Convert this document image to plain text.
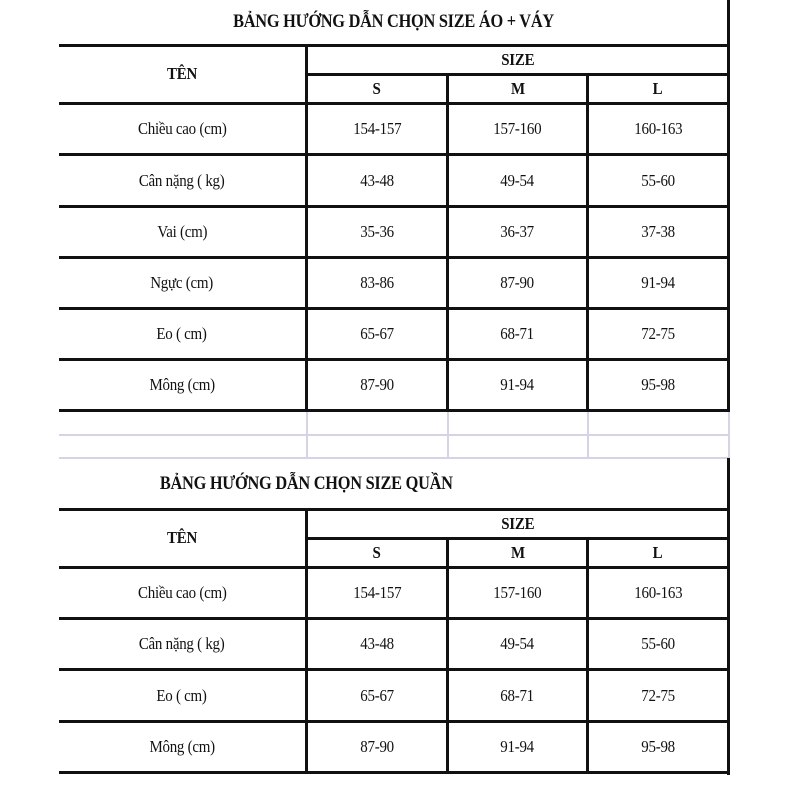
BẢNG HƯỚNG DẪN CHỌN SIZE ÁO + VÁY
TÊN
SIZE
S	M	L
Chiều cao (cm)	154-157	157-160	160-163
Cân nặng ( kg)	43-48	49-54	55-60
Vai (cm)	35-36	36-37	37-38
Ngực (cm)	83-86	87-90	91-94
Eo ( cm)	65-67	68-71	72-75
Mông (cm)	87-90	91-94	95-98
BẢNG HƯỚNG DẪN CHỌN SIZE QUẦN
TÊN
SIZE
S	M	L
Chiều cao (cm)	154-157	157-160	160-163
Cân nặng ( kg)	43-48	49-54	55-60
Eo ( cm)	65-67	68-71	72-75
Mông (cm)	87-90	91-94	95-98
